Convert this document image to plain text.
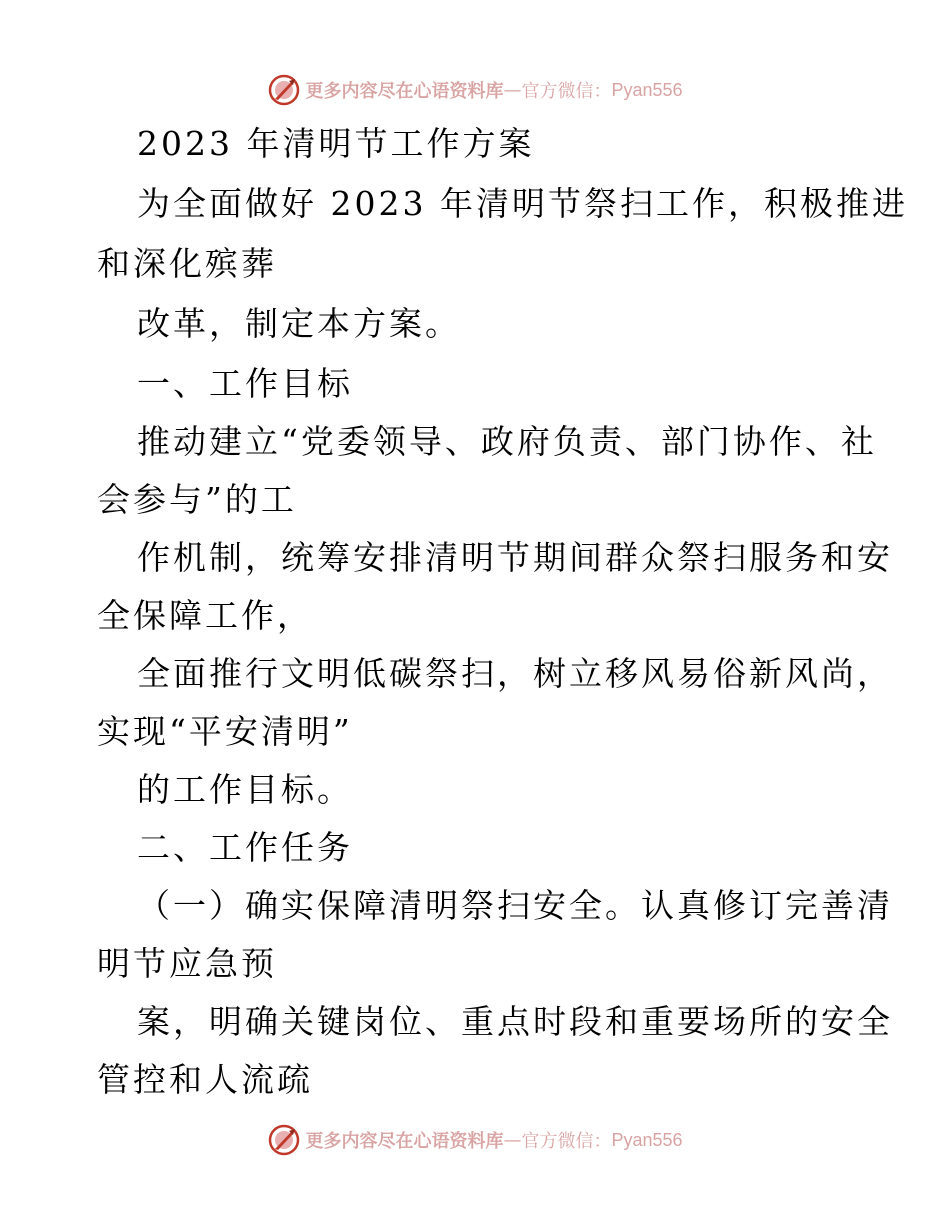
更多内容尽在心语资料库 — 官方微信： Pyan556
2023 年清明节工作方案
为全面做好 2023 年清明节祭扫工作，积极推进
和深化殡葬
改革，制定本方案。
一、工作目标
推动建立“党委领导、政府负责、部门协作、社
会参与”的工
作机制，统筹安排清明节期间群众祭扫服务和安
全保障工作，
全面推行文明低碳祭扫，树立移风易俗新风尚，
实现“平安清明”
的工作目标。
二、工作任务
（一）确实保障清明祭扫安全。认真修订完善清
明节应急预
案，明确关键岗位、重点时段和重要场所的安全
管控和人流疏
更多内容尽在心语资料库 — 官方微信： Pyan556
